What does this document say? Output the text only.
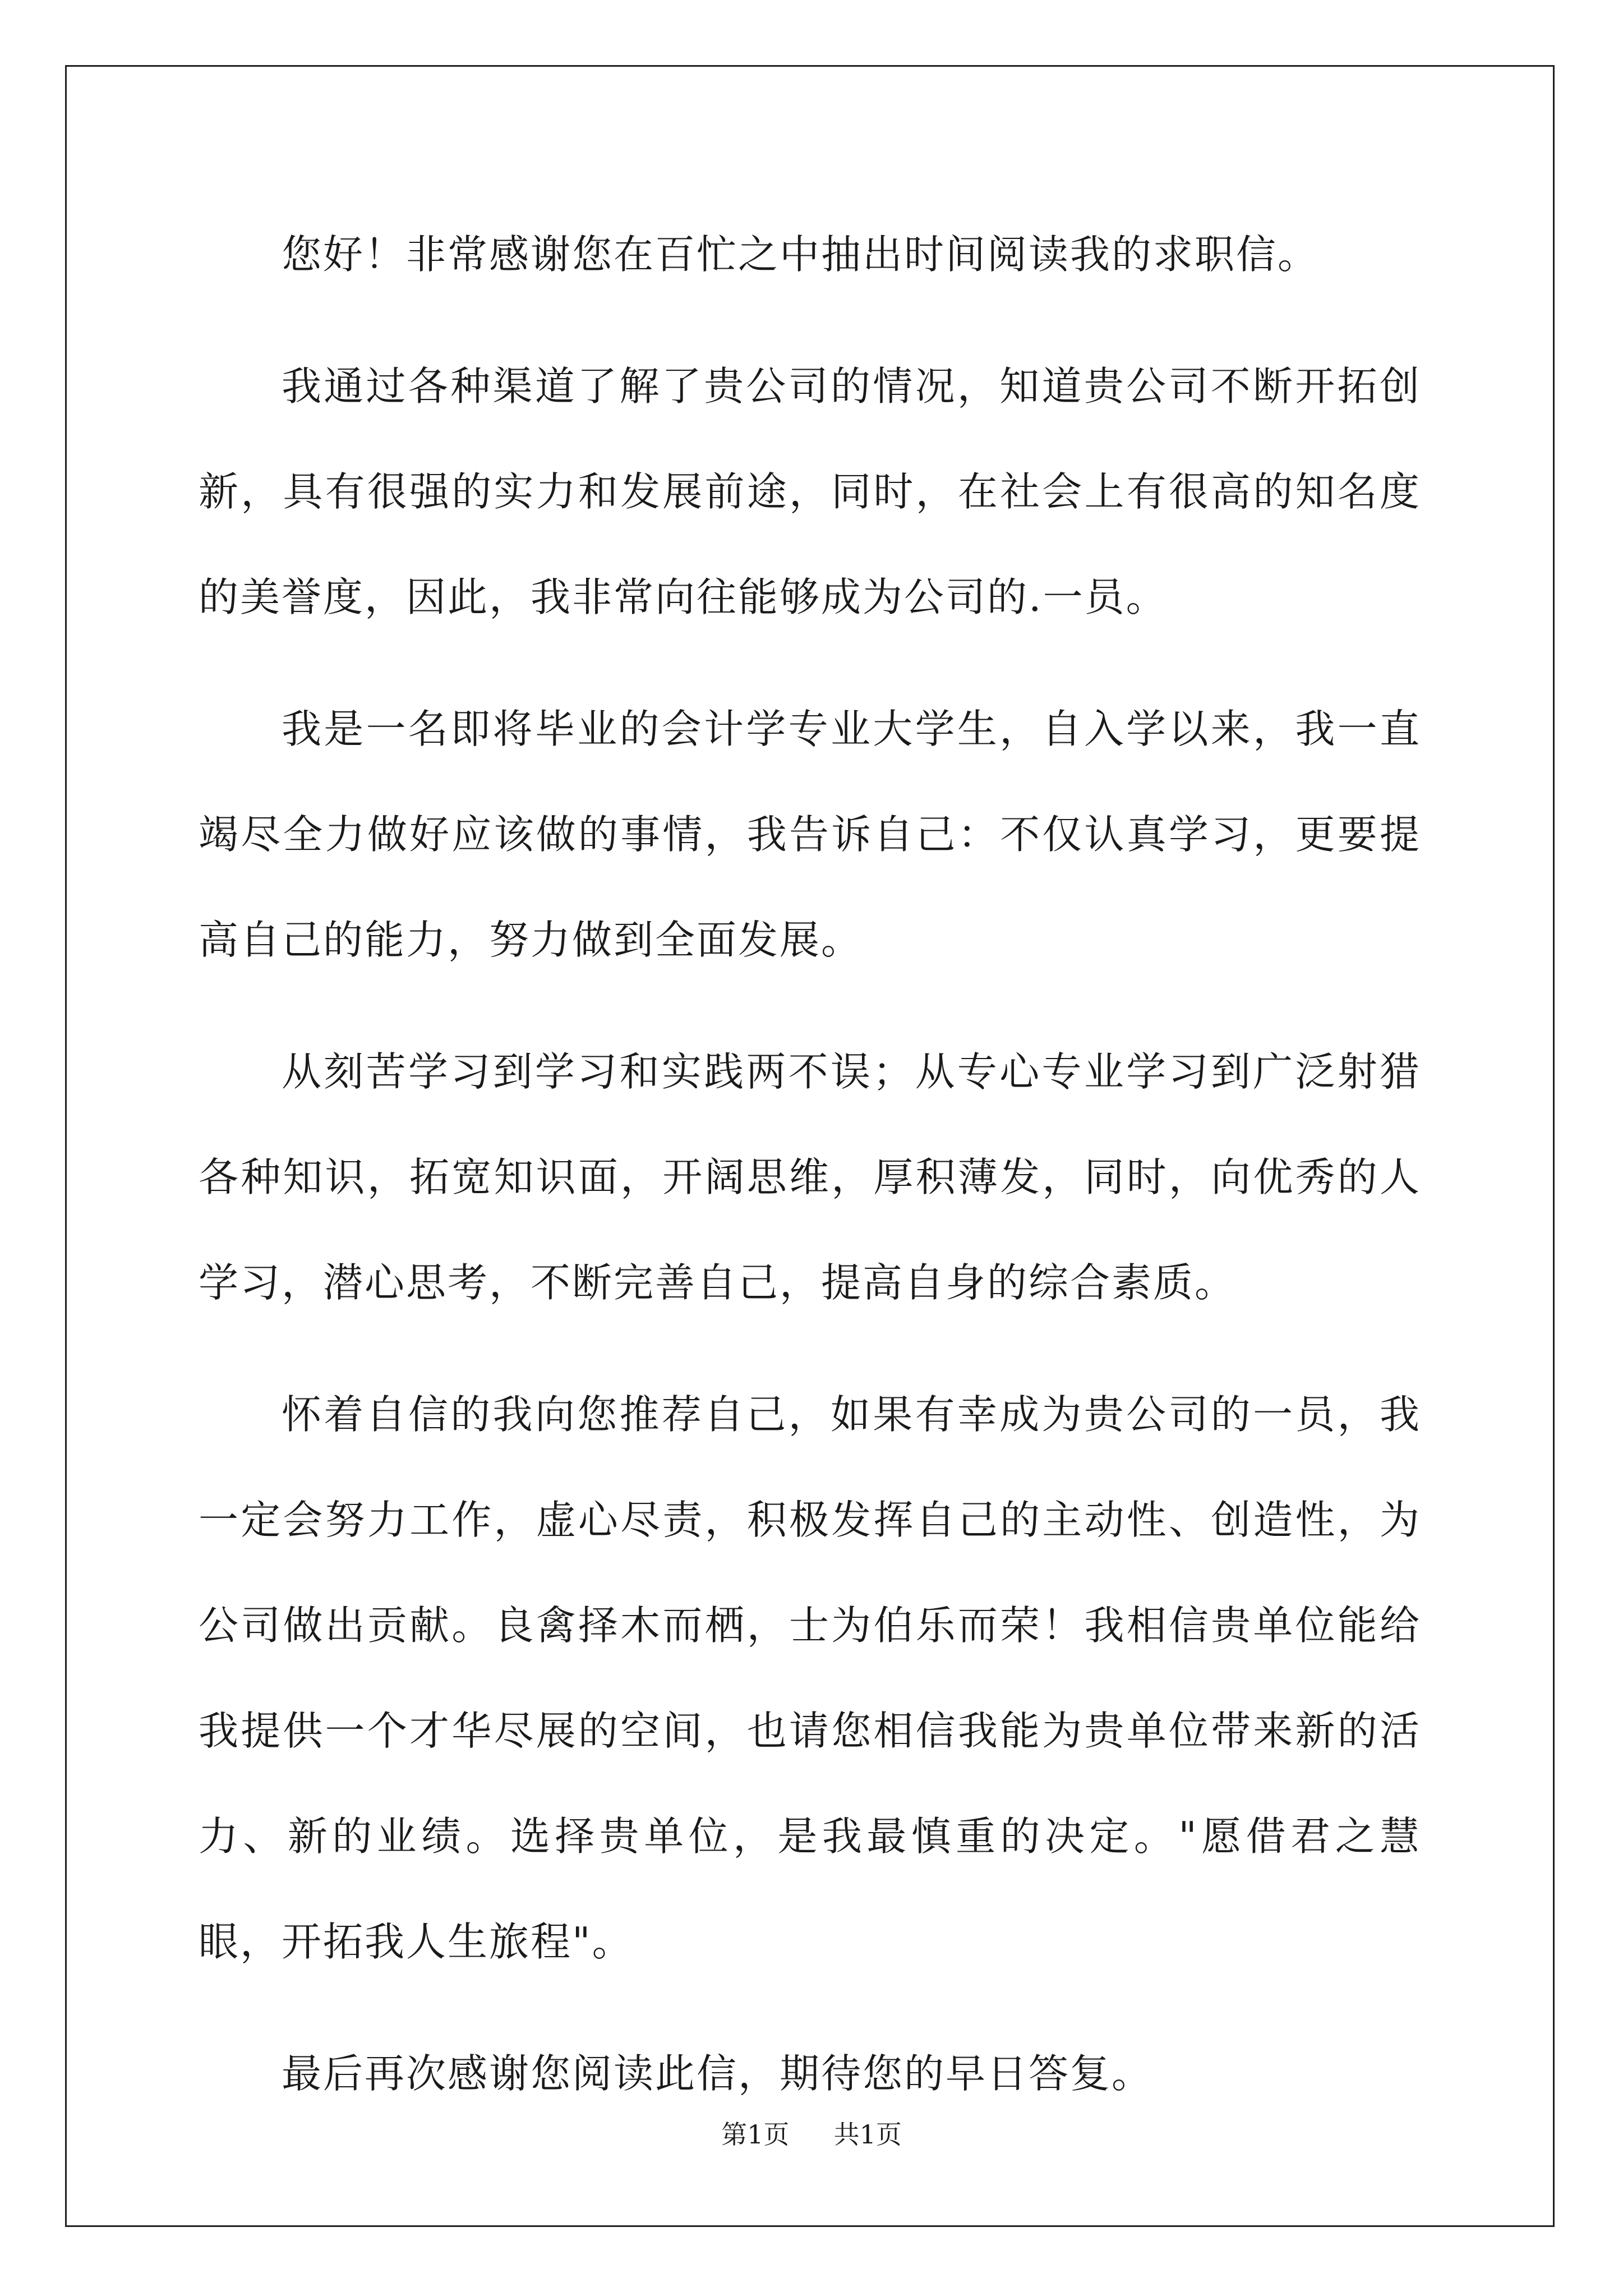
您好！非常感谢您在百忙之中抽出时间阅读我的求职信。

我通过各种渠道了解了贵公司的情况，知道贵公司不断开拓创新，具有很强的实力和发展前途，同时，在社会上有很高的知名度的美誉度，因此，我非常向往能够成为公司的.一员。

我是一名即将毕业的会计学专业大学生，自入学以来，我一直竭尽全力做好应该做的事情，我告诉自己：不仅认真学习，更要提高自己的能力，努力做到全面发展。

从刻苦学习到学习和实践两不误；从专心专业学习到广泛射猎各种知识，拓宽知识面，开阔思维，厚积薄发，同时，向优秀的人学习，潜心思考，不断完善自己，提高自身的综合素质。

怀着自信的我向您推荐自己，如果有幸成为贵公司的一员，我一定会努力工作，虚心尽责，积极发挥自己的主动性、创造性，为公司做出贡献。良禽择木而栖，士为伯乐而荣！我相信贵单位能给我提供一个才华尽展的空间，也请您相信我能为贵单位带来新的活力、新的业绩。选择贵单位，是我最慎重的决定。"愿借君之慧眼，开拓我人生旅程"。

最后再次感谢您阅读此信，期待您的早日答复。

第1页 共1页
